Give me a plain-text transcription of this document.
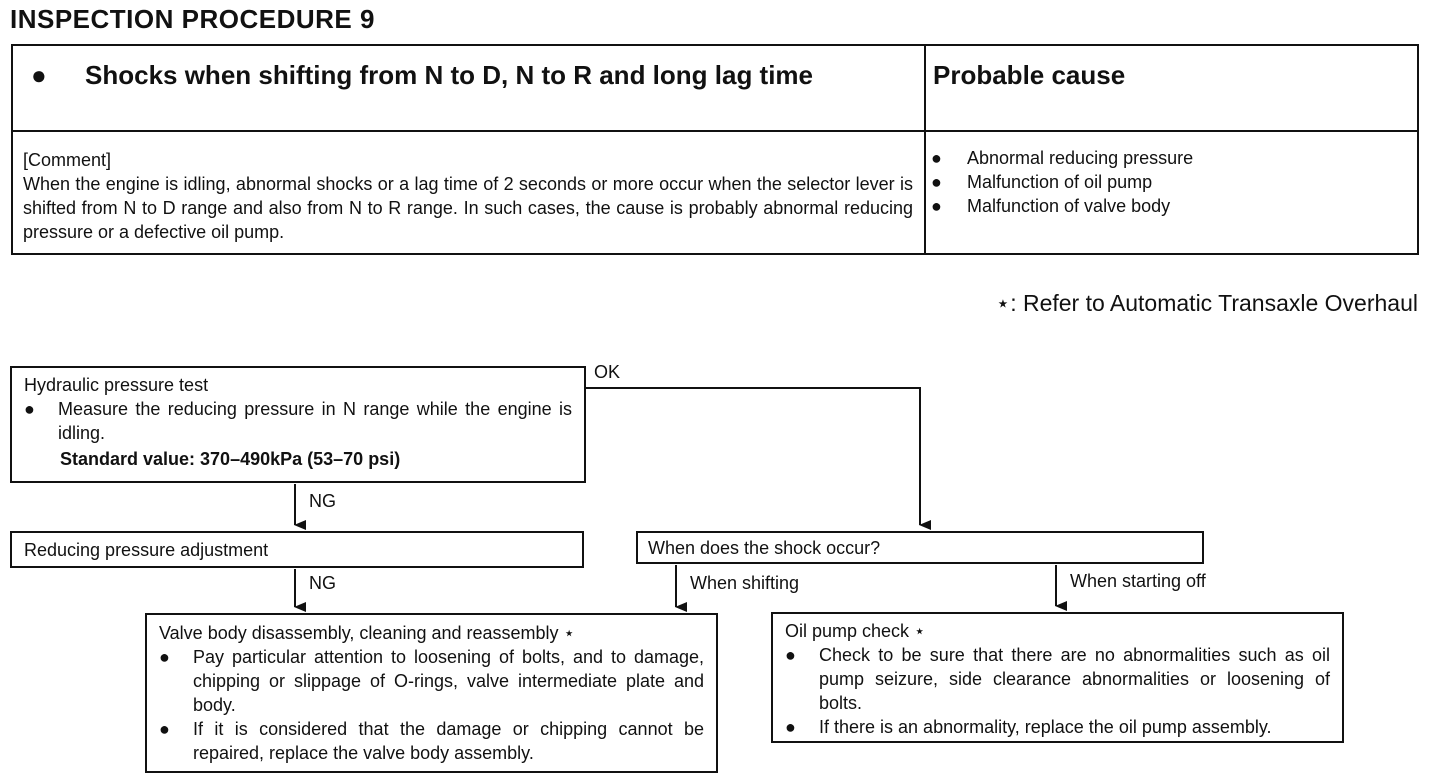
INSPECTION PROCEDURE 9
●	Shocks when shifting from N to D, N to R and long lag time	Probable cause
[Comment]
When the engine is idling, abnormal shocks or a lag time of 2 seconds or more occur when the selector lever is shifted from N to D range and also from N to R range. In such cases, the cause is probably abnormal reducing pressure or a defective oil pump.
●	Abnormal reducing pressure
●	Malfunction of oil pump
●	Malfunction of valve body
⋆: Refer to Automatic Transaxle Overhaul
OK
NG
NG	When shifting	When starting off
Hydraulic pressure test
●	Measure the reducing pressure in N range while the engine is idling.
Standard value: 370–490kPa (53–70 psi)
Reducing pressure adjustment	When does the shock occur?
Valve body disassembly, cleaning and reassembly ⋆
●	Pay particular attention to loosening of bolts, and to damage, chipping or slippage of O-rings, valve intermediate plate and body.
●	If it is considered that the damage or chipping cannot be repaired, replace the valve body assembly.
Oil pump check ⋆
●	Check to be sure that there are no abnormalities such as oil pump seizure, side clearance abnormalities or loosening of bolts.
●	If there is an abnormality, replace the oil pump assembly.
